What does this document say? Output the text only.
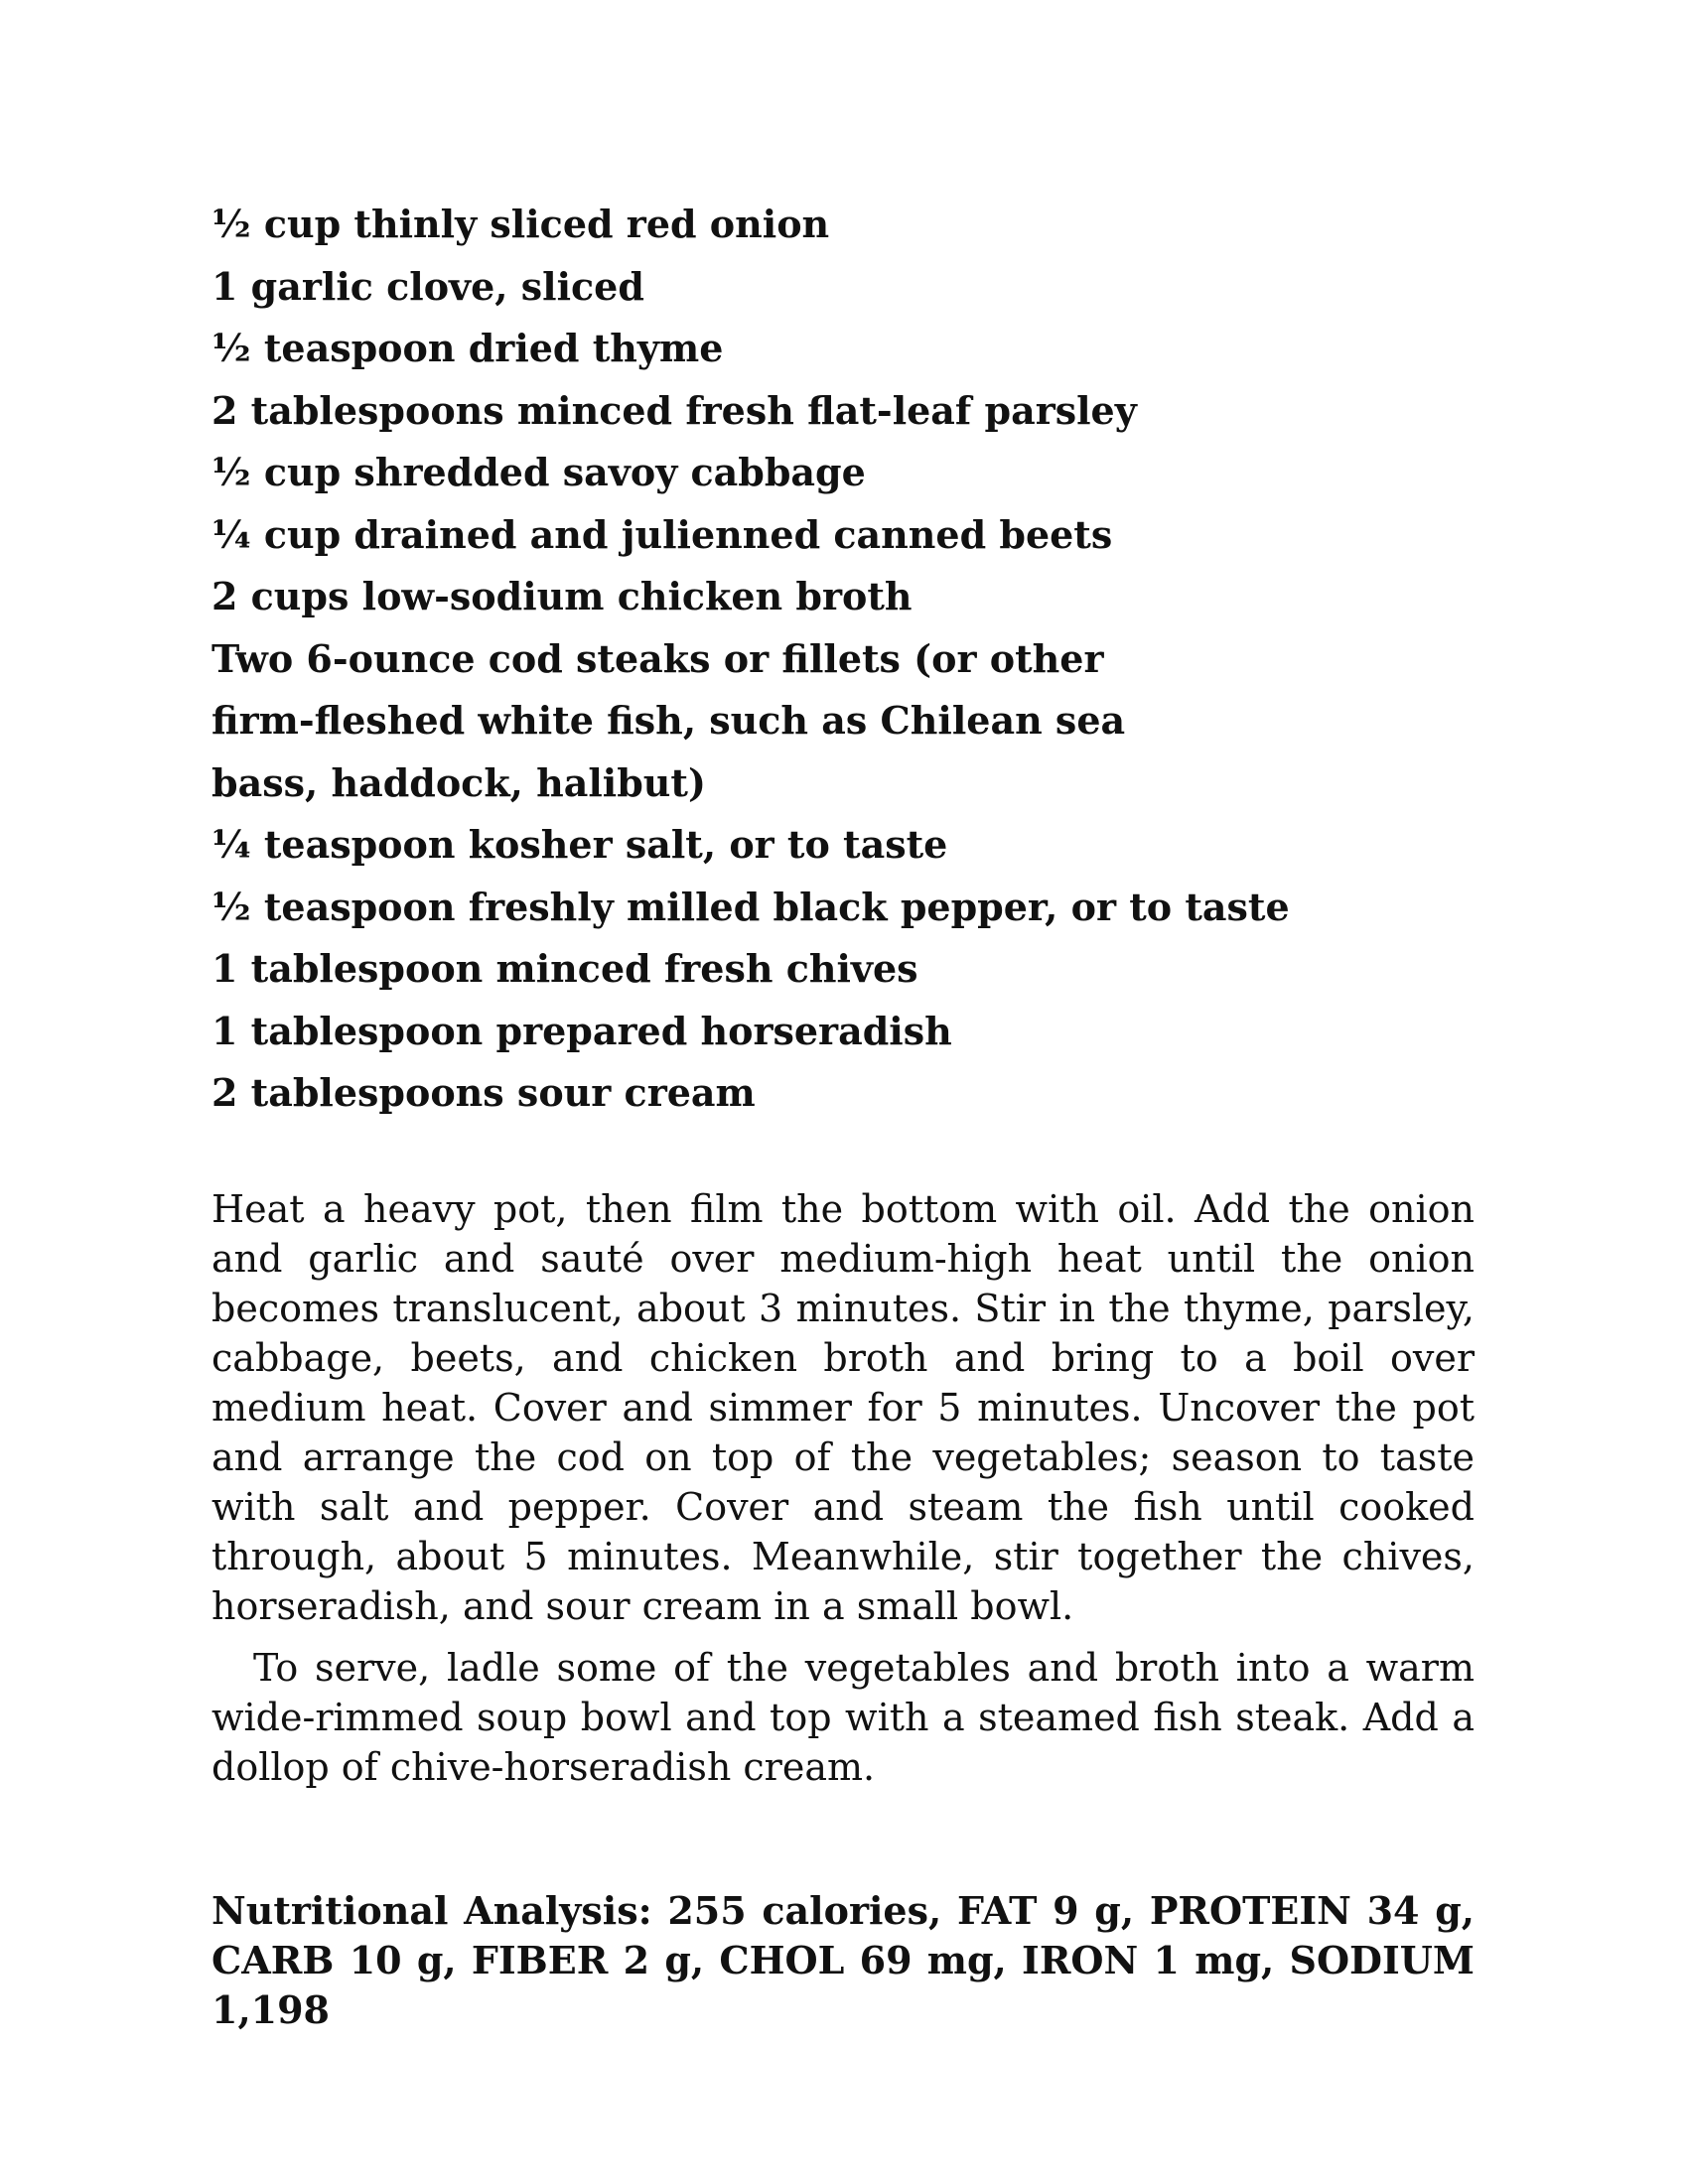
½ cup thinly sliced red onion
1 garlic clove, sliced
½ teaspoon dried thyme
2 tablespoons minced fresh flat-leaf parsley
½ cup shredded savoy cabbage
¼ cup drained and julienned canned beets
2 cups low-sodium chicken broth
Two 6-ounce cod steaks or fillets (or other
firm-fleshed white fish, such as Chilean sea
bass, haddock, halibut)
¼ teaspoon kosher salt, or to taste
½ teaspoon freshly milled black pepper, or to taste
1 tablespoon minced fresh chives
1 tablespoon prepared horseradish
2 tablespoons sour cream

Heat a heavy pot, then film the bottom with oil. Add the onion and garlic and sauté over medium-high heat until the onion becomes translucent, about 3 minutes. Stir in the thyme, parsley, cabbage, beets, and chicken broth and bring to a boil over medium heat. Cover and simmer for 5 minutes. Uncover the pot and arrange the cod on top of the vegetables; season to taste with salt and pepper. Cover and steam the fish until cooked through, about 5 minutes. Meanwhile, stir together the chives, horseradish, and sour cream in a small bowl.

To serve, ladle some of the vegetables and broth into a warm wide-rimmed soup bowl and top with a steamed fish steak. Add a dollop of chive-horseradish cream.

Nutritional Analysis: 255 calories, FAT 9 g, PROTEIN 34 g, CARB 10 g, FIBER 2 g, CHOL 69 mg, IRON 1 mg, SODIUM 1,198
